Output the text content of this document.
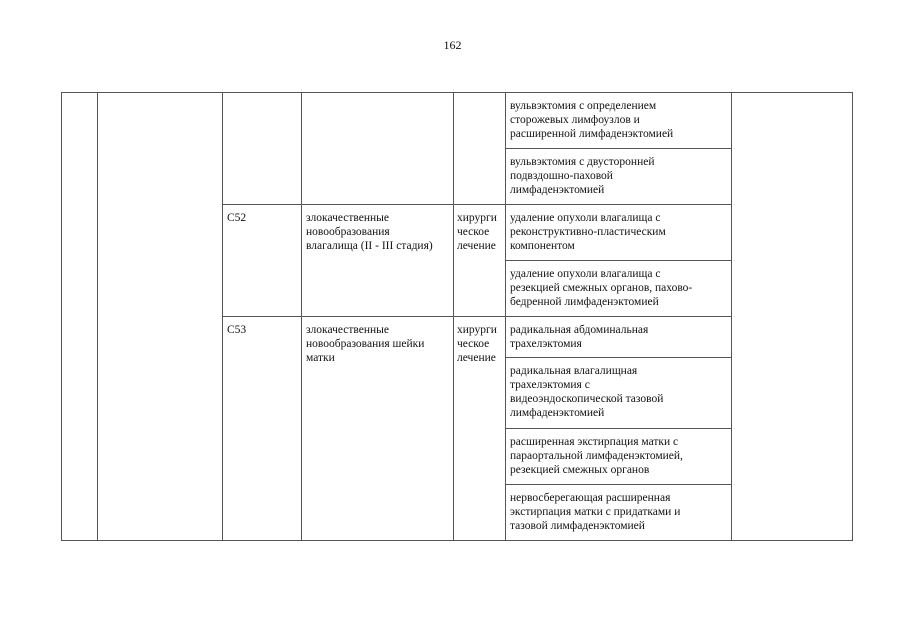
162
вульвэктомия с определением
сторожевых лимфоузлов и
расширенной лимфаденэктомией
вульвэктомия с двусторонней
подвздошно-паховой
лимфаденэктомией
C52	злокачественные
новообразования
влагалища (II - III стадия)
хирурги
ческое
лечение
удаление опухоли влагалища с
реконструктивно-пластическим
компонентом
удаление опухоли влагалища с
резекцией смежных органов, пахово-
бедренной лимфаденэктомией
C53	злокачественные
новообразования шейки
матки
хирурги
ческое
лечение
радикальная абдоминальная
трахелэктомия
радикальная влагалищная
трахелэктомия с
видеоэндоскопической тазовой
лимфаденэктомией
расширенная экстирпация матки с
параортальной лимфаденэктомией,
резекцией смежных органов
нервосберегающая расширенная
экстирпация матки с придатками и
тазовой лимфаденэктомией
